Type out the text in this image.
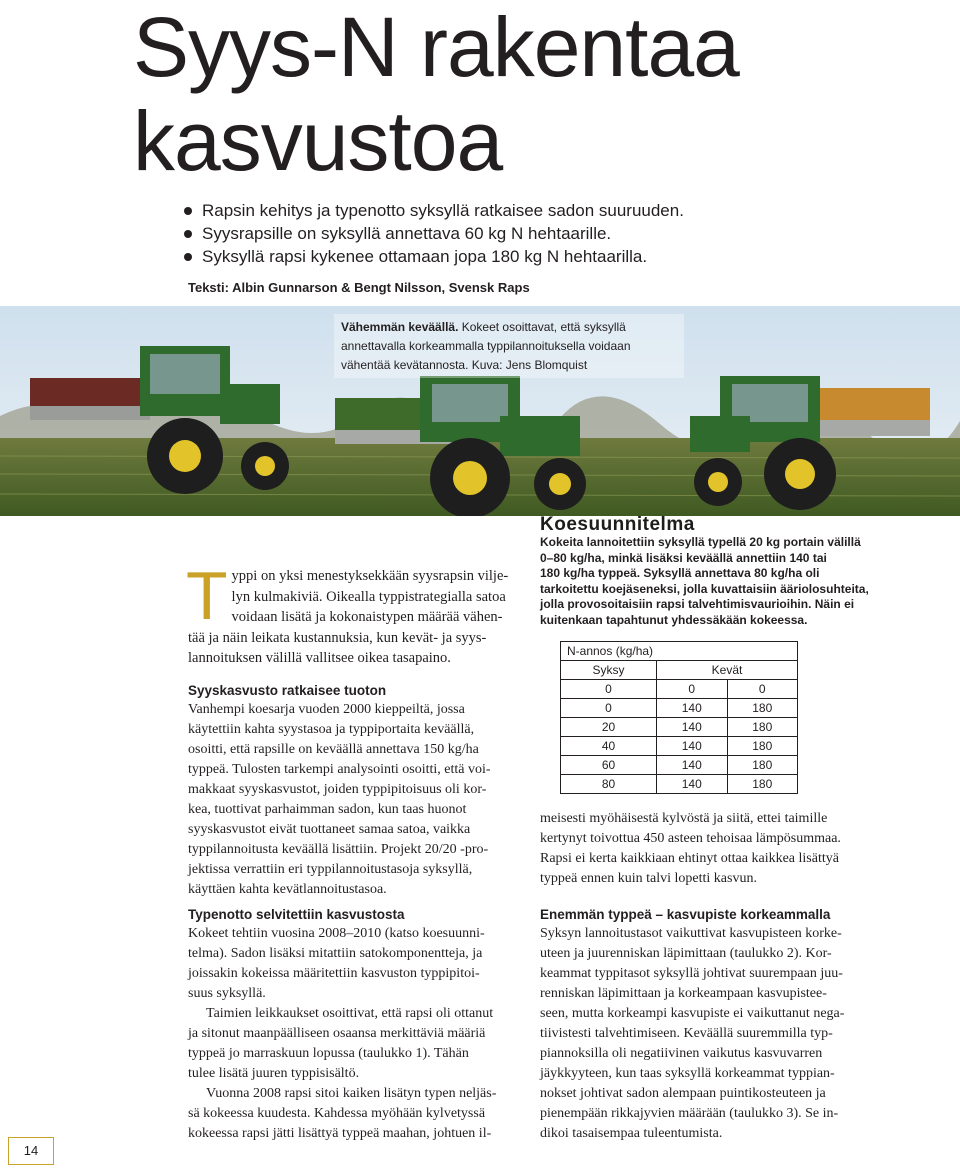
Syys-N rakentaa
kasvustoa
Rapsin kehitys ja typenotto syksyllä ratkaisee sadon suuruuden.
Syysrapsille on syksyllä annettava 60 kg N hehtaarille.
Syksyllä rapsi kykenee ottamaan jopa 180 kg N hehtaarilla.
Teksti: Albin Gunnarson & Bengt Nilsson, Svensk Raps
Vähemmän keväällä. Kokeet osoittavat, että syksyllä
annettavalla korkeammalla typpilannoituksella voidaan
vähentää kevätannosta. Kuva: Jens Blomquist
T yppi on yksi menestyksekkään syysrapsin vilje-
lyn kulmakiviä. Oikealla typpistrategialla satoa
voidaan lisätä ja kokonaistypen määrää vähen-
tää ja näin leikata kustannuksia, kun kevät- ja syys-
lannoituksen välillä vallitsee oikea tasapaino.
Syyskasvusto ratkaisee tuoton
Vanhempi koesarja vuoden 2000 kieppeiltä, jossa
käytettiin kahta syystasoa ja typpiportaita keväällä,
osoitti, että rapsille on keväällä annettava 150 kg/ha
typpeä. Tulosten tarkempi analysointi osoitti, että voi-
makkaat syyskasvustot, joiden typpipitoisuus oli kor-
kea, tuottivat parhaimman sadon, kun taas huonot
syyskasvustot eivät tuottaneet samaa satoa, vaikka
typpilannoitusta keväällä lisättiin. Projekt 20/20 -pro-
jektissa verrattiin eri typpilannoitustasoja syksyllä,
käyttäen kahta kevätlannoitustasoa.
Typenotto selvitettiin kasvustosta
Kokeet tehtiin vuosina 2008–2010 (katso koesuunni-
telma). Sadon lisäksi mitattiin satokomponentteja, ja
joissakin kokeissa määritettiin kasvuston typpipitoi-
suus syksyllä.
Taimien leikkaukset osoittivat, että rapsi oli ottanut
ja sitonut maanpäälliseen osaansa merkittäviä määriä
typpeä jo marraskuun lopussa (taulukko 1). Tähän
tulee lisätä juuren typpisisältö.
Vuonna 2008 rapsi sitoi kaiken lisätyn typen neljäs-
sä kokeessa kuudesta. Kahdessa myöhään kylvetyssä
kokeessa rapsi jätti lisättyä typpeä maahan, johtuen il-
Koesuunnitelma
Kokeita lannoitettiin syksyllä typellä 20 kg portain välillä
0–80 kg/ha, minkä lisäksi keväällä annettiin 140 tai
180 kg/ha typpeä. Syksyllä annettava 80 kg/ha oli
tarkoitettu koejäseneksi, jolla kuvattaisiin ääriolosuhteita,
jolla provosoitaisiin rapsi talvehtimisvaurioihin. Näin ei
kuitenkaan tapahtunut yhdessäkään kokeessa.
N-annos (kg/ha)		
Syksy	Kevät	
0	0	0
0	140	180
20	140	180
40	140	180
60	140	180
80	140	180
meisesti myöhäisestä kylvöstä ja siitä, ettei taimille
kertynyt toivottua 450 asteen tehoisaa lämpösummaa.
Rapsi ei kerta kaikkiaan ehtinyt ottaa kaikkea lisättyä
typpeä ennen kuin talvi lopetti kasvun.
Enemmän typpeä – kasvupiste korkeammalla
Syksyn lannoitustasot vaikuttivat kasvupisteen korke-
uteen ja juurenniskan läpimittaan (taulukko 2). Kor-
keammat typpitasot syksyllä johtivat suurempaan juu-
renniskan läpimittaan ja korkeampaan kasvupistee-
seen, mutta korkeampi kasvupiste ei vaikuttanut nega-
tiivistesti talvehtimiseen. Keväällä suuremmilla typ-
piannoksilla oli negatiivinen vaikutus kasvuvarren
jäykkyyteen, kun taas syksyllä korkeammat typpian-
nokset johtivat sadon alempaan puintikosteuteen ja
pienempään rikkajyvien määrään (taulukko 3). Se in-
dikoi tasaisempaa tuleentumista.
14
